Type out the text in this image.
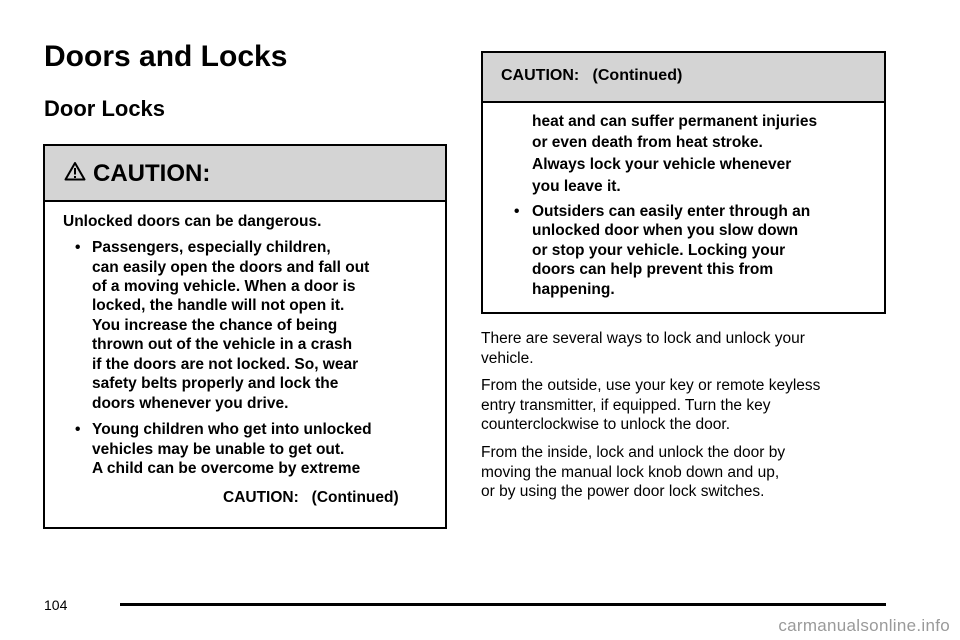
Doors and Locks
Door Locks
CAUTION:
Unlocked doors can be dangerous.
• Passengers, especially children,
can easily open the doors and fall out
of a moving vehicle. When a door is
locked, the handle will not open it.
You increase the chance of being
thrown out of the vehicle in a crash
if the doors are not locked. So, wear
safety belts properly and lock the
doors whenever you drive.
• Young children who get into unlocked
vehicles may be unable to get out.
A child can be overcome by extreme
CAUTION:   (Continued)
CAUTION:   (Continued)
heat and can suffer permanent injuries
or even death from heat stroke.
Always lock your vehicle whenever
you leave it.
• Outsiders can easily enter through an
unlocked door when you slow down
or stop your vehicle. Locking your
doors can help prevent this from
happening.
There are several ways to lock and unlock your
vehicle.
From the outside, use your key or remote keyless
entry transmitter, if equipped. Turn the key
counterclockwise to unlock the door.
From the inside, lock and unlock the door by
moving the manual lock knob down and up,
or by using the power door lock switches.
104
carmanualsonline.info
